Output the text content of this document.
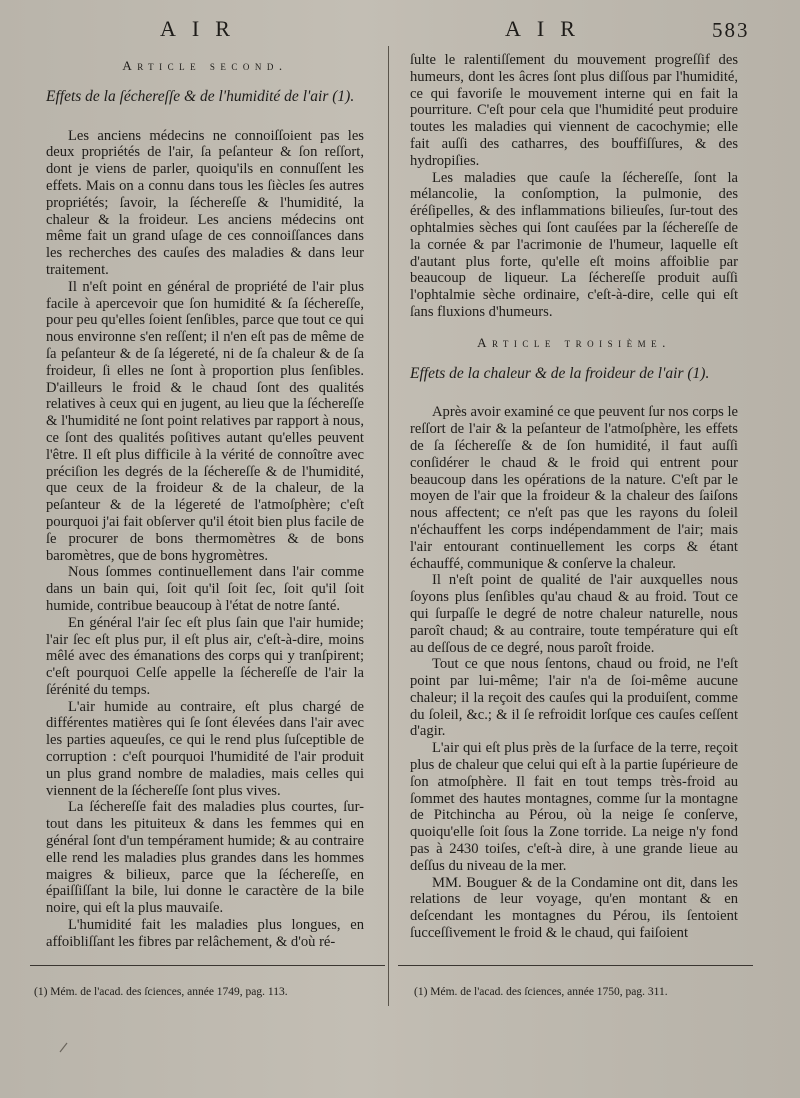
AIR	AIR	583
Article second.
Effets de la ſéchereſſe & de l'humidité de l'air (1).

Les anciens médecins ne connoiſſoient pas les deux propriétés de l'air, ſa peſanteur & ſon reſſort, dont je viens de parler, quoiqu'ils en connuſſent les effets. Mais on a connu dans tous les ſiècles ſes autres propriétés; ſavoir, la ſéchereſſe & l'humidité, la chaleur & la froideur. Les anciens médecins ont même fait un grand uſage de ces connoiſſances dans les recherches des cauſes des maladies & dans leur traitement.

Il n'eſt point en général de propriété de l'air plus facile à apercevoir que ſon humidité & ſa ſéchereſſe, pour peu qu'elles ſoient ſenſibles, parce que tout ce qui nous environne s'en reſſent; il n'en eſt pas de même de ſa peſanteur & de ſa légereté, ni de ſa chaleur & de ſa froideur, ſi elles ne ſont à proportion plus ſenſibles. D'ailleurs le froid & le chaud ſont des qualités relatives à ceux qui en jugent, au lieu que la ſéchereſſe & l'humidité ne ſont point relatives par rapport à nous, ce ſont des qualités poſitives autant qu'elles peuvent l'être. Il eſt plus difficile à la vérité de connoître avec préciſion les degrés de la ſéchereſſe & de l'humidité, que ceux de la froideur & de la chaleur, de la peſanteur & de la légereté de l'atmoſphère; c'eſt pourquoi j'ai fait obſerver qu'il étoit bien plus facile de ſe procurer de bons thermomètres & de bons baromètres, que de bons hygromètres.

Nous ſommes continuellement dans l'air comme dans un bain qui, ſoit qu'il ſoit ſec, ſoit qu'il ſoit humide, contribue beaucoup à l'état de notre ſanté.

En général l'air ſec eſt plus ſain que l'air humide; l'air ſec eſt plus pur, il eſt plus air, c'eſt-à-dire, moins mêlé avec des émanations des corps qui y tranſpirent; c'eſt pourquoi Celſe appelle la ſéchereſſe de l'air la ſérénité du temps.

L'air humide au contraire, eſt plus chargé de différentes matières qui ſe ſont élevées dans l'air avec les parties aqueuſes, ce qui le rend plus ſuſceptible de corruption : c'eſt pourquoi l'humidité de l'air produit un plus grand nombre de maladies, mais celles qui viennent de la ſéchereſſe ſont plus vives.

La ſéchereſſe fait des maladies plus courtes, ſur-tout dans les pituiteux & dans les femmes qui en général ſont d'un tempérament humide; & au contraire elle rend les maladies plus grandes dans les hommes maigres & bilieux, parce que la ſéchereſſe, en épaiſſiſſant la bile, lui donne le caractère de la bile noire, qui eſt la plus mauvaiſe.

L'humidité fait les maladies plus longues, en affoibliſſant les fibres par relâchement, & d'où ré-

ſulte le ralentiſſement du mouvement progreſſif des humeurs, dont les âcres ſont plus diſſous par l'humidité, ce qui favoriſe le mouvement interne qui en fait la pourriture. C'eſt pour cela que l'humidité peut produire toutes les maladies qui viennent de cacochymie; elle fait auſſi des catharres, des bouffiſſures, & des hydropiſies.

Les maladies que cauſe la ſéchereſſe, ſont la mélancolie, la conſomption, la pulmonie, des éréſipelles, & des inflammations bilieuſes, ſur-tout des ophtalmies sèches qui ſont cauſées par la ſéchereſſe de la cornée & par l'acrimonie de l'humeur, laquelle eſt d'autant plus forte, qu'elle eſt moins affoiblie par beaucoup de liqueur. La ſéchereſſe produit auſſi l'ophtalmie sèche ordinaire, c'eſt-à-dire, celle qui eſt ſans fluxions d'humeurs.

Article troisième.
Effets de la chaleur & de la froideur de l'air (1).

Après avoir examiné ce que peuvent ſur nos corps le reſſort de l'air & la peſanteur de l'atmoſphère, les effets de ſa ſéchereſſe & de ſon humidité, il faut auſſi conſidérer le chaud & le froid qui entrent pour beaucoup dans les opérations de la nature. C'eſt par le moyen de l'air que la froideur & la chaleur des ſaiſons nous affectent; ce n'eſt pas que les rayons du ſoleil n'échauffent les corps indépendamment de l'air; mais l'air entourant continuellement les corps & étant échauffé, communique & conſerve la chaleur.

Il n'eſt point de qualité de l'air auxquelles nous ſoyons plus ſenſibles qu'au chaud & au froid. Tout ce qui ſurpaſſe le degré de notre chaleur naturelle, nous paroît chaud; & au contraire, toute température qui eſt au deſſous de ce degré, nous paroît froide.

Tout ce que nous ſentons, chaud ou froid, ne l'eſt point par lui-même; l'air n'a de ſoi-même aucune chaleur; il la reçoit des cauſes qui la produiſent, comme du ſoleil, &c.; & il ſe refroidit lorſque ces cauſes ceſſent d'agir.

L'air qui eſt plus près de la ſurface de la terre, reçoit plus de chaleur que celui qui eſt à la partie ſupérieure de ſon atmoſphère. Il fait en tout temps très-froid au ſommet des hautes montagnes, comme ſur la montagne de Pitchincha au Pérou, où la neige ſe conſerve, quoiqu'elle ſoit ſous la Zone torride. La neige n'y fond pas à 2430 toiſes, c'eſt-à dire, à une grande lieue au deſſus du niveau de la mer.

MM. Bouguer & de la Condamine ont dit, dans les relations de leur voyage, qu'en montant & en deſcendant les montagnes du Pérou, ils ſentoient ſucceſſivement le froid & le chaud, qui faiſoient

(1) Mém. de l'acad. des ſciences, année 1749, pag. 113.	(1) Mém. de l'acad. des ſciences, année 1750, pag. 311.
